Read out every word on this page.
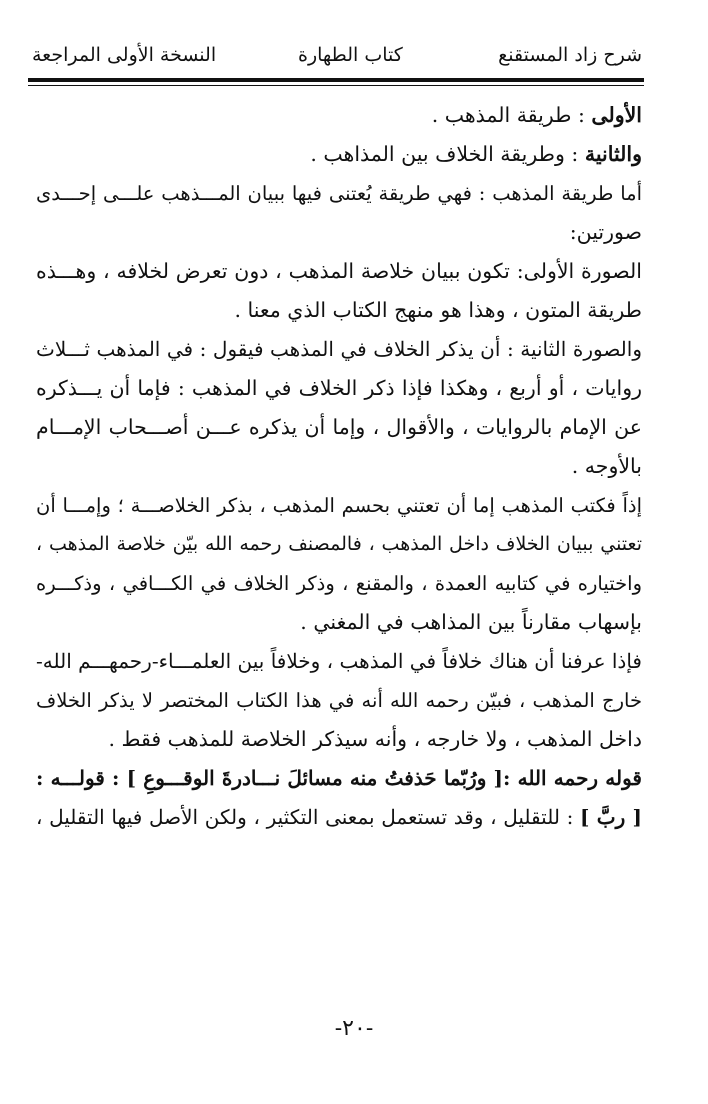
شرح زاد المستقنع
كتاب الطهارة
النسخة الأولى المراجعة
الأولى : طريقة المذهب .
والثانية : وطريقة الخلاف بين المذاهب .
أما طريقة المذهب : فهي طريقة يُعتنى فيها ببيان المـــذهب علـــى إحـــدى
صورتين:
الصورة الأولى: تكون ببيان خلاصة المذهب ، دون تعرض لخلافه ، وهـــذه
طريقة المتون ، وهذا هو منهج الكتاب الذي معنا .
والصورة الثانية : أن يذكر الخلاف في المذهب فيقول : في المذهب ثـــلاث
روايات ، أو أربع ، وهكذا فإذا ذكر الخلاف في المذهب : فإما أن يـــذكره
عن الإمام بالروايات ، والأقوال ، وإما أن يذكره عـــن أصـــحاب الإمـــام
بالأوجه .
إذاً فكتب المذهب إما أن تعتني بحسم المذهب ، بذكر الخلاصـــة ؛ وإمـــا أن
تعتني ببيان الخلاف داخل المذهب ، فالمصنف رحمه الله بيّن خلاصة المذهب ،
واختياره في كتابيه العمدة ، والمقنع ، وذكر الخلاف في الكـــافي ، وذكـــره
بإسهاب مقارناً بين المذاهب في المغني .
فإذا عرفنا أن هناك خلافاً في المذهب ، وخلافاً بين العلمـــاء-رحمهـــم الله-
خارج المذهب ، فبيّن رحمه الله أنه في هذا الكتاب المختصر لا يذكر الخلاف
داخل المذهب ، ولا خارجه ، وأنه سيذكر الخلاصة للمذهب فقط .
قوله رحمه الله :[ ورُبّما حَذفتُ منه مسائلَ نـــادرةَ الوقـــوعِ ] : قولـــه :
[ ربَّ ] : للتقليل ، وقد تستعمل بمعنى التكثير ، ولكن الأصل فيها التقليل ،
-٢٠-
